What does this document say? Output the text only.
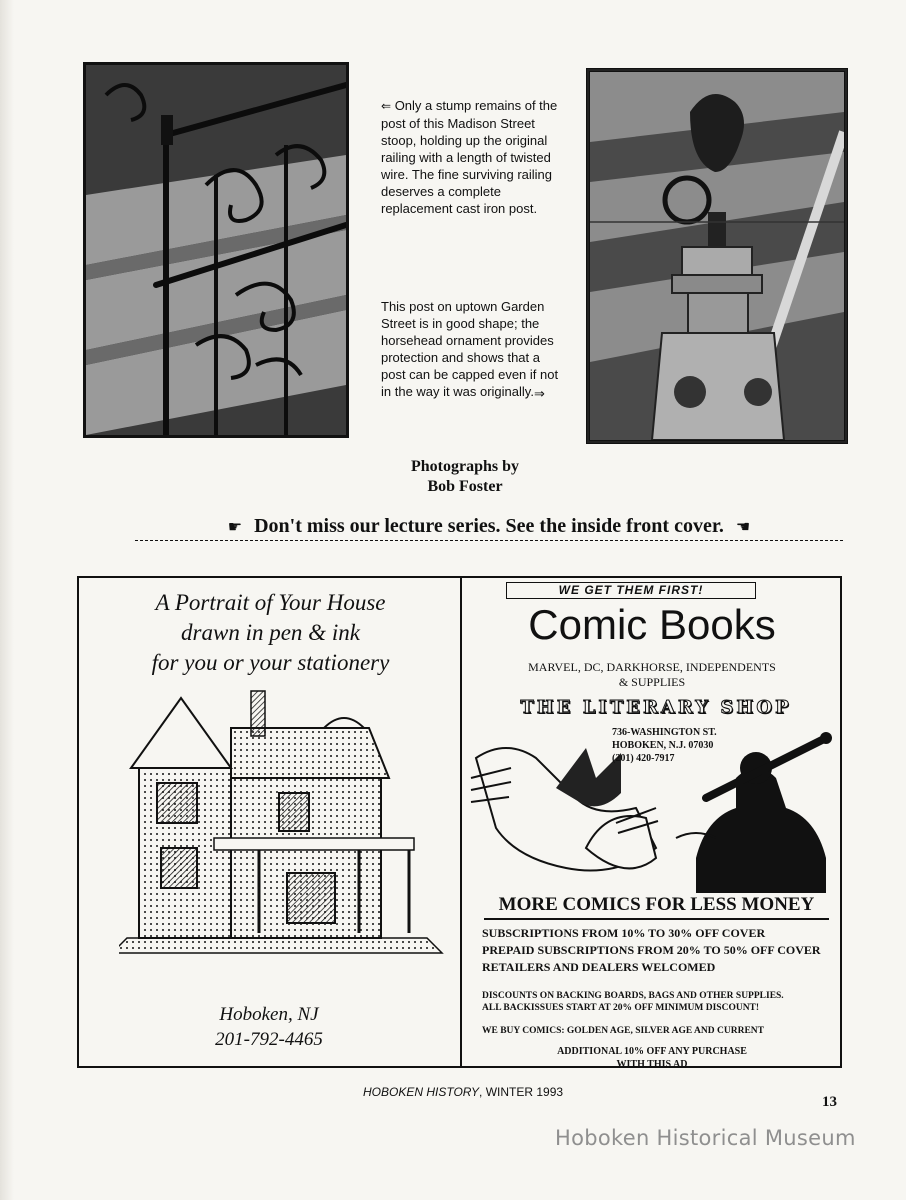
⇐ Only a stump remains of the post of this Madison Street stoop, holding up the original railing with a length of twisted wire. The fine surviving railing deserves a complete replacement cast iron post.
This post on uptown Garden Street is in good shape; the horsehead ornament provides protection and shows that a post can be capped even if not in the way it was originally. ⇒
Photographs by
Bob Foster
☛ Don't miss our lecture series. See the inside front cover. ☚
A Portrait of Your House
drawn in pen & ink
for you or your stationery
Hoboken, NJ
201-792-4465
WE GET THEM FIRST!
Comic Books
MARVEL, DC, DARKHORSE, INDEPENDENTS
& SUPPLIES
THE LITERARY SHOP
736-WASHINGTON ST.
HOBOKEN, N.J. 07030
(201) 420-7917
MORE COMICS FOR LESS MONEY
SUBSCRIPTIONS FROM 10% TO 30% OFF COVER
PREPAID SUBSCRIPTIONS FROM 20% TO 50% OFF COVER
RETAILERS AND DEALERS WELCOMED
DISCOUNTS ON BACKING BOARDS, BAGS AND OTHER SUPPLIES.
ALL BACKISSUES START AT 20% OFF MINIMUM DISCOUNT!
WE BUY COMICS: GOLDEN AGE, SILVER AGE AND CURRENT
ADDITIONAL 10% OFF ANY PURCHASE
WITH THIS AD
HOBOKEN HISTORY, WINTER 1993
13
Hoboken Historical Museum
